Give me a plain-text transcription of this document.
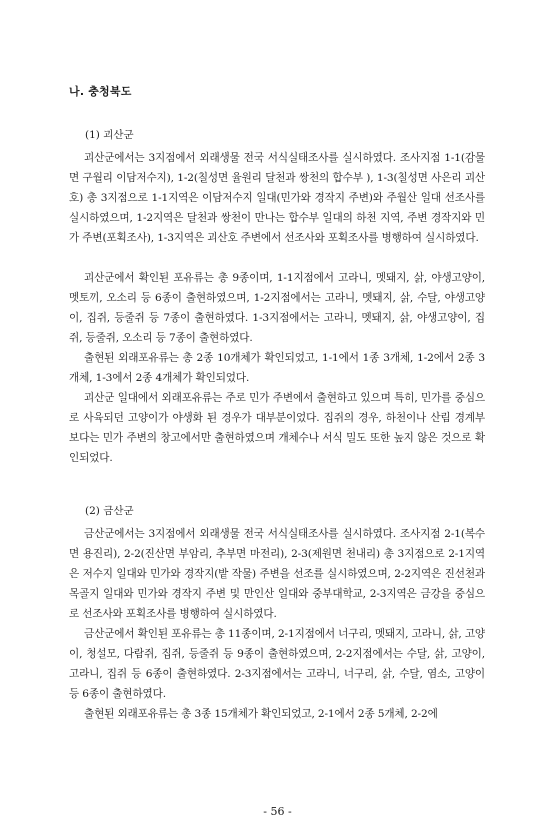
나. 충청북도
(1) 괴산군

괴산군에서는 3지점에서 외래생물 전국 서식실태조사를 실시하였다. 조사지점 1-1(감물면 구월리 이담저수지), 1-2(칠성면 율원리 달천과 쌍천의 합수부 ), 1-3(칠성면 사은리 괴산호) 총 3지점으로 1-1지역은 이담저수지 일대(민가와 경작지 주변)와 주월산 일대 선조사를 실시하였으며, 1-2지역은 달천과 쌍천이 만나는 합수부 일대의 하천 지역, 주변 경작지와 민가 주변(포획조사), 1-3지역은 괴산호 주변에서 선조사와 포획조사를 병행하여 실시하였다.

괴산군에서 확인된 포유류는 총 9종이며, 1-1지점에서 고라니, 멧돼지, 삵, 야생고양이, 멧토끼, 오소리 등 6종이 출현하였으며, 1-2지점에서는 고라니, 멧돼지, 삵, 수달, 야생고양이, 집쥐, 등줄쥐 등 7종이 출현하였다. 1-3지점에서는 고라니, 멧돼지, 삵, 야생고양이, 집쥐, 등줄쥐, 오소리 등 7종이 출현하였다.

출현된 외래포유류는 총 2종 10개체가 확인되었고, 1-1에서 1종 3개체, 1-2에서 2종 3개체, 1-3에서 2종 4개체가 확인되었다.

괴산군 일대에서 외래포유류는 주로 민가 주변에서 출현하고 있으며 특히, 민가를 중심으로 사육되던 고양이가 야생화 된 경우가 대부분이었다. 집쥐의 경우, 하천이나 산림 경계부 보다는 민가 주변의 창고에서만 출현하였으며 개체수나 서식 밀도 또한 높지 않은 것으로 확인되었다.

(2) 금산군

금산군에서는 3지점에서 외래생물 전국 서식실태조사를 실시하였다. 조사지점 2-1(복수면 용진리), 2-2(진산면 부암리, 추부면 마전리), 2-3(제원면 천내리) 총 3지점으로 2-1지역은 저수지 일대와 민가와 경작지(밭 작물) 주변을 선조를 실시하였으며, 2-2지역은 진선천과 목골지 일대와 민가와 경작지 주변 및 만인산 일대와 중부대학교, 2-3지역은 금강을 중심으로 선조사와 포획조사를 병행하여 실시하였다.

금산군에서 확인된 포유류는 총 11종이며, 2-1지점에서 너구리, 멧돼지, 고라니, 삵, 고양이, 청설모, 다람쥐, 집쥐, 등줄쥐 등 9종이 출현하였으며, 2-2지점에서는 수달, 삵, 고양이, 고라니, 집쥐 등 6종이 출현하였다. 2-3지점에서는 고라니, 너구리, 삵, 수달, 염소, 고양이 등 6종이 출현하였다.

출현된 외래포유류는 총 3종 15개체가 확인되었고, 2-1에서 2종 5개체, 2-2에

- 56 -
